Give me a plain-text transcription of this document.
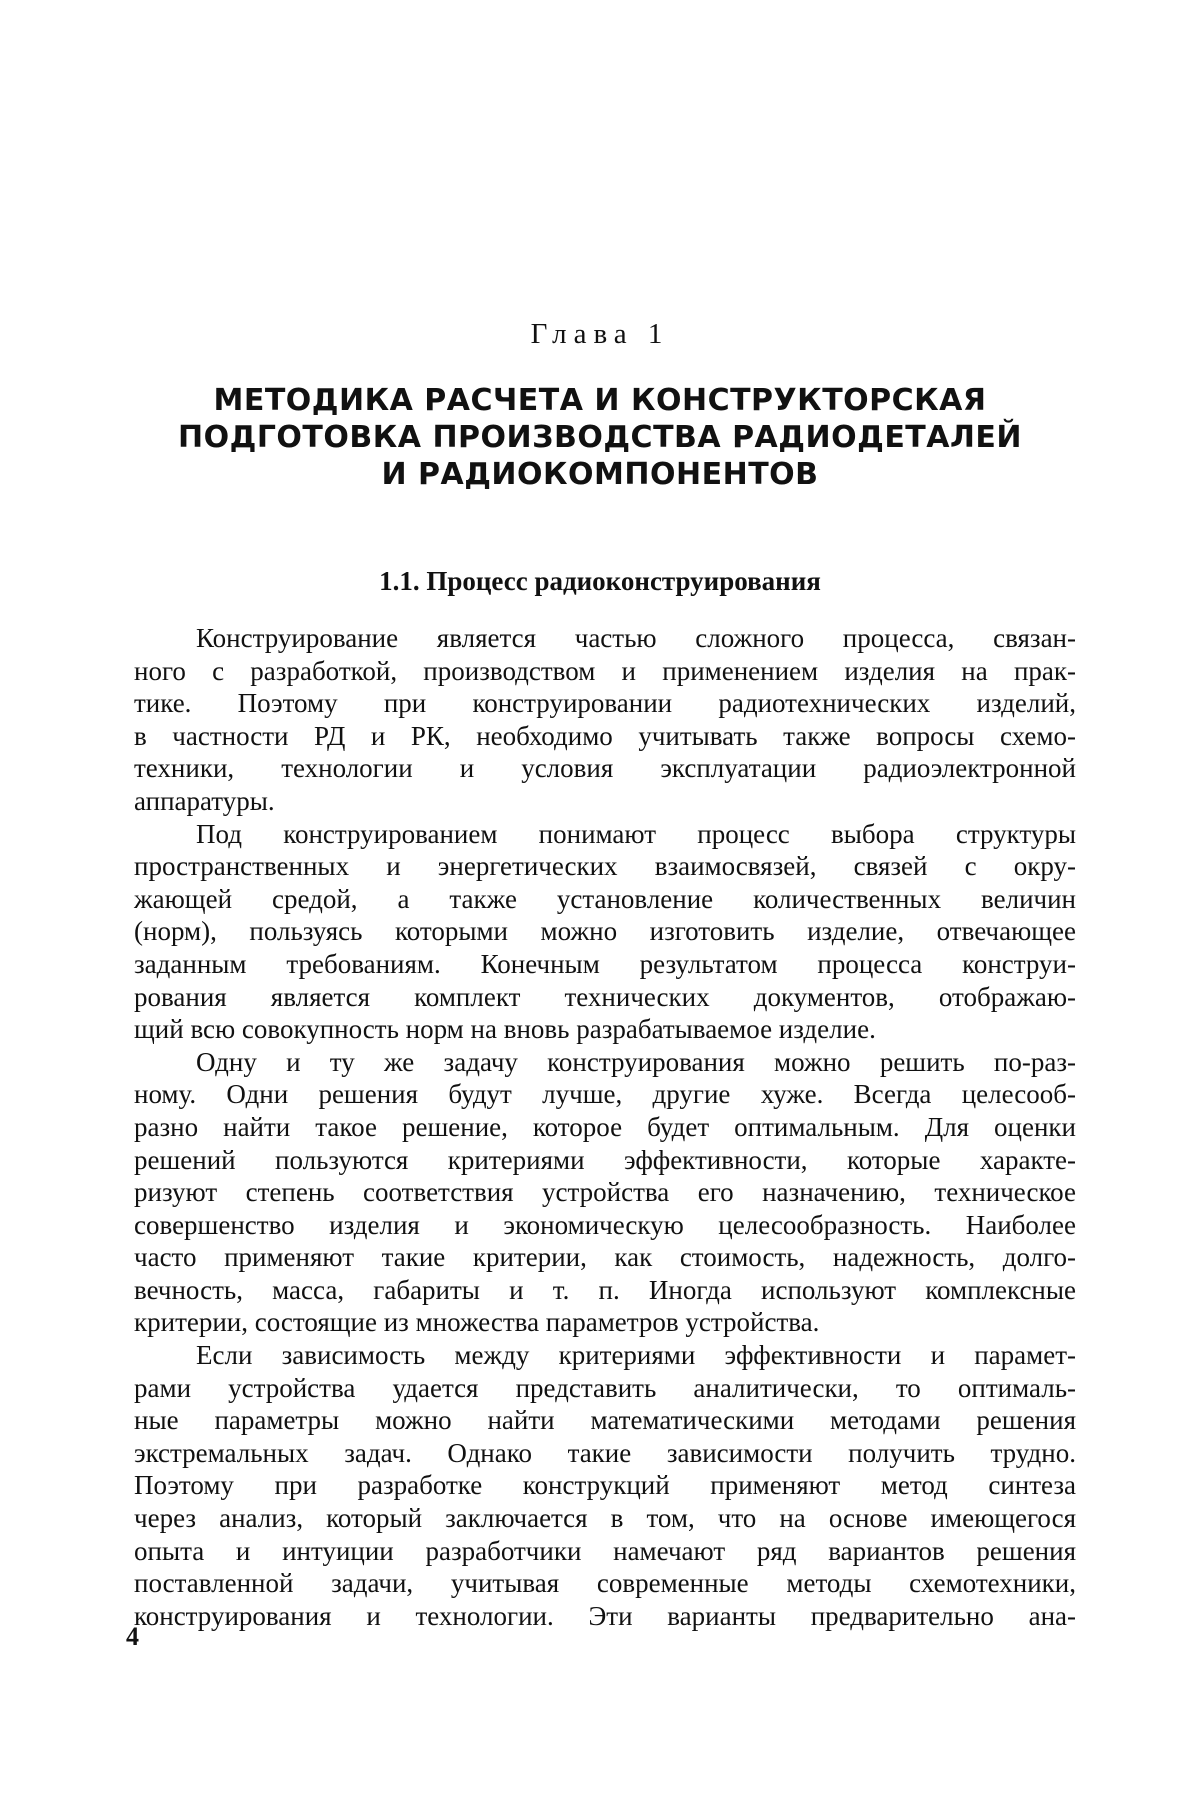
Глава 1
МЕТОДИКА РАСЧЕТА И КОНСТРУКТОРСКАЯ
ПОДГОТОВКА ПРОИЗВОДСТВА РАДИОДЕТАЛЕЙ
И РАДИОКОМПОНЕНТОВ
1.1. Процесс радиоконструирования
Конструирование является частью сложного процесса, связан-
ного с разработкой, производством и применением изделия на прак-
тике. Поэтому при конструировании радиотехнических изделий,
в частности РД и РК, необходимо учитывать также вопросы схемо-
техники, технологии и условия эксплуатации радиоэлектронной
аппаратуры.
Под конструированием понимают процесс выбора структуры
пространственных и энергетических взаимосвязей, связей с окру-
жающей средой, а также установление количественных величин
(норм), пользуясь которыми можно изготовить изделие, отвечающее
заданным требованиям. Конечным результатом процесса конструи-
рования является комплект технических документов, отображаю-
щий всю совокупность норм на вновь разрабатываемое изделие.
Одну и ту же задачу конструирования можно решить по-раз-
ному. Одни решения будут лучше, другие хуже. Всегда целесооб-
разно найти такое решение, которое будет оптимальным. Для оценки
решений пользуются критериями эффективности, которые характе-
ризуют степень соответствия устройства его назначению, техническое
совершенство изделия и экономическую целесообразность. Наиболее
часто применяют такие критерии, как стоимость, надежность, долго-
вечность, масса, габариты и т. п. Иногда используют комплексные
критерии, состоящие из множества параметров устройства.
Если зависимость между критериями эффективности и парамет-
рами устройства удается представить аналитически, то оптималь-
ные параметры можно найти математическими методами решения
экстремальных задач. Однако такие зависимости получить трудно.
Поэтому при разработке конструкций применяют метод синтеза
через анализ, который заключается в том, что на основе имеющегося
опыта и интуиции разработчики намечают ряд вариантов решения
поставленной задачи, учитывая современные методы схемотехники,
конструирования и технологии. Эти варианты предварительно ана-
4
